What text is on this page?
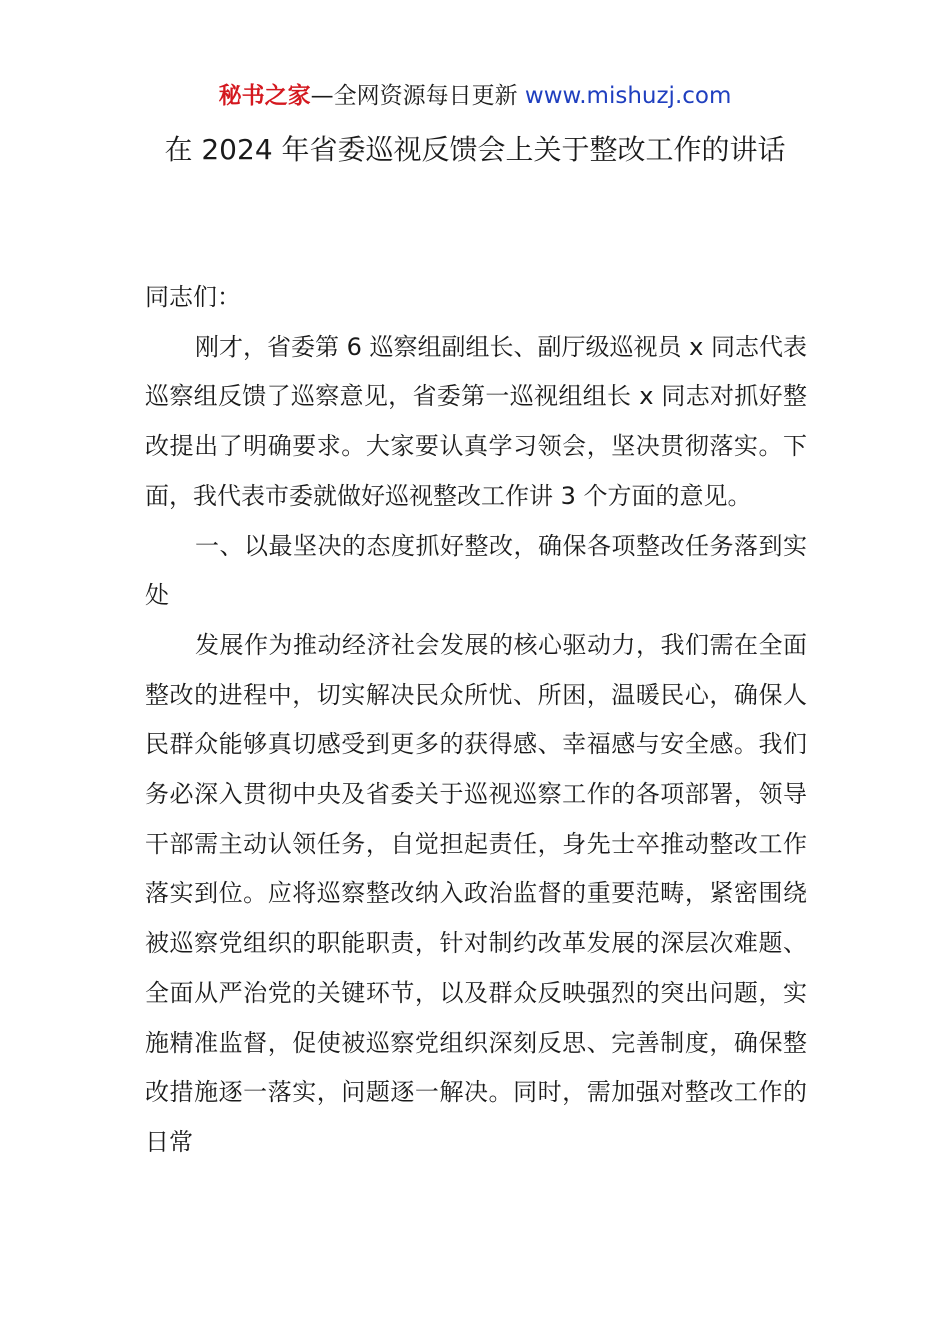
秘书之家—全网资源每日更新 www.mishuzj.com
在 2024 年省委巡视反馈会上关于整改工作的讲话

同志们：

刚才，省委第 6 巡察组副组长、副厅级巡视员 x 同志代表巡察组反馈了巡察意见，省委第一巡视组组长 x 同志对抓好整改提出了明确要求。大家要认真学习领会，坚决贯彻落实。下面，我代表市委就做好巡视整改工作讲 3 个方面的意见。

一、以最坚决的态度抓好整改，确保各项整改任务落到实处

发展作为推动经济社会发展的核心驱动力，我们需在全面整改的进程中，切实解决民众所忧、所困，温暖民心，确保人民群众能够真切感受到更多的获得感、幸福感与安全感。我们务必深入贯彻中央及省委关于巡视巡察工作的各项部署，领导干部需主动认领任务，自觉担起责任，身先士卒推动整改工作落实到位。应将巡察整改纳入政治监督的重要范畴，紧密围绕被巡察党组织的职能职责，针对制约改革发展的深层次难题、全面从严治党的关键环节，以及群众反映强烈的突出问题，实施精准监督，促使被巡察党组织深刻反思、完善制度，确保整改措施逐一落实，问题逐一解决。同时，需加强对整改工作的日常
